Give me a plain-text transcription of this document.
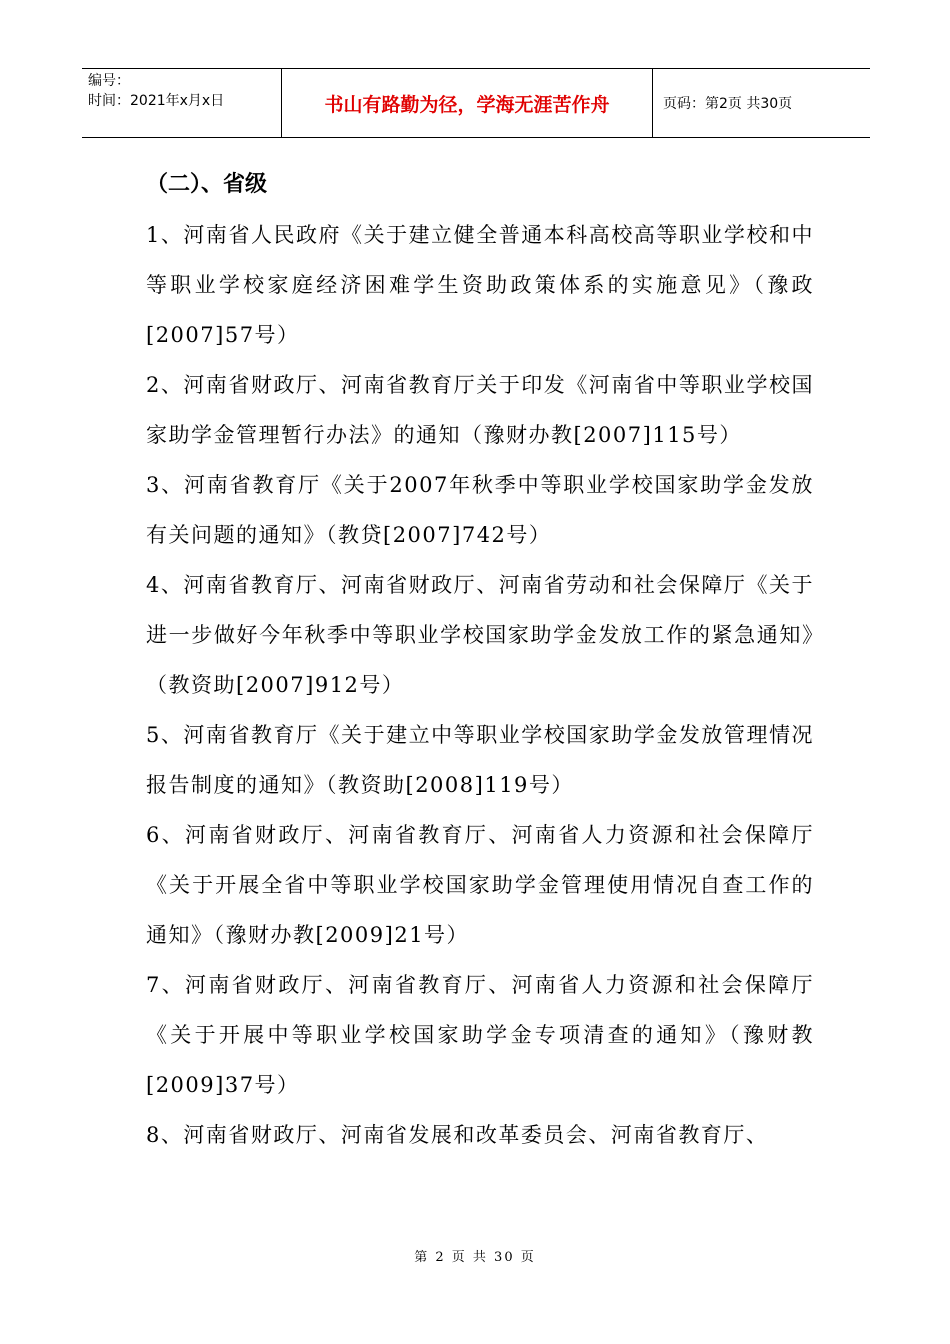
编号：
时间：2021年x月x日	书山有路勤为径，学海无涯苦作舟	页码：第2页 共30页

（二）、省级

1、河南省人民政府《关于建立健全普通本科高校高等职业学校和中等职业学校家庭经济困难学生资助政策体系的实施意见》（豫政[2007]57号）

2、河南省财政厅、河南省教育厅关于印发《河南省中等职业学校国家助学金管理暂行办法》的通知（豫财办教[2007]115号）

3、河南省教育厅《关于2007年秋季中等职业学校国家助学金发放有关问题的通知》（教贷[2007]742号）

4、河南省教育厅、河南省财政厅、河南省劳动和社会保障厅《关于进一步做好今年秋季中等职业学校国家助学金发放工作的紧急通知》（教资助[2007]912号）

5、河南省教育厅《关于建立中等职业学校国家助学金发放管理情况报告制度的通知》（教资助[2008]119号）

6、河南省财政厅、河南省教育厅、河南省人力资源和社会保障厅《关于开展全省中等职业学校国家助学金管理使用情况自查工作的通知》（豫财办教[2009]21号）

7、河南省财政厅、河南省教育厅、河南省人力资源和社会保障厅《关于开展中等职业学校国家助学金专项清查的通知》（豫财教[2009]37号）

8、河南省财政厅、河南省发展和改革委员会、河南省教育厅、

第 2 页 共 30 页
